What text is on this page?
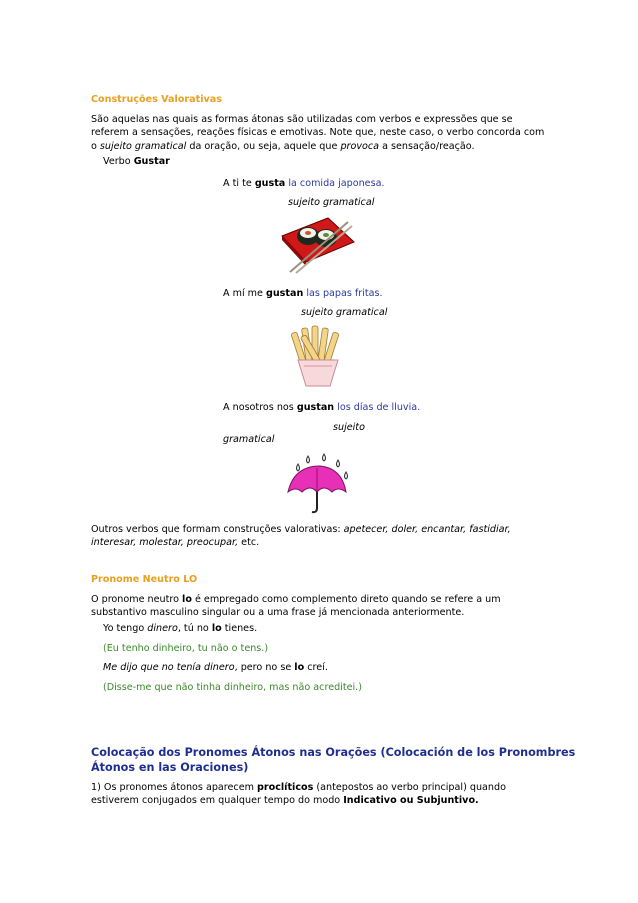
Construções Valorativas
São aquelas nas quais as formas átonas são utilizadas com verbos e expressões que se referem a sensações, reações físicas e emotivas. Note que, neste caso, o verbo concorda com o sujeito gramatical da oração, ou seja, aquele que provoca a sensação/reação.
Verbo Gustar
A ti te gusta la comida japonesa.
sujeito gramatical
A mí me gustan las papas fritas.
sujeito gramatical
A nosotros nos gustan los días de lluvia.
sujeito
gramatical
Outros verbos que formam construções valorativas: apetecer, doler, encantar, fastidiar, interesar, molestar, preocupar, etc.
Pronome Neutro LO
O pronome neutro lo é empregado como complemento direto quando se refere a um substantivo masculino singular ou a uma frase já mencionada anteriormente.
Yo tengo dinero, tú no lo tienes.
(Eu tenho dinheiro, tu não o tens.)
Me dijo que no tenía dinero, pero no se lo creí.
(Disse-me que não tinha dinheiro, mas não acreditei.)
Colocação dos Pronomes Átonos nas Orações (Colocación de los Pronombres
Átonos en las Oraciones)
1) Os pronomes átonos aparecem proclíticos (antepostos ao verbo principal) quando estiverem conjugados em qualquer tempo do modo Indicativo ou Subjuntivo.
